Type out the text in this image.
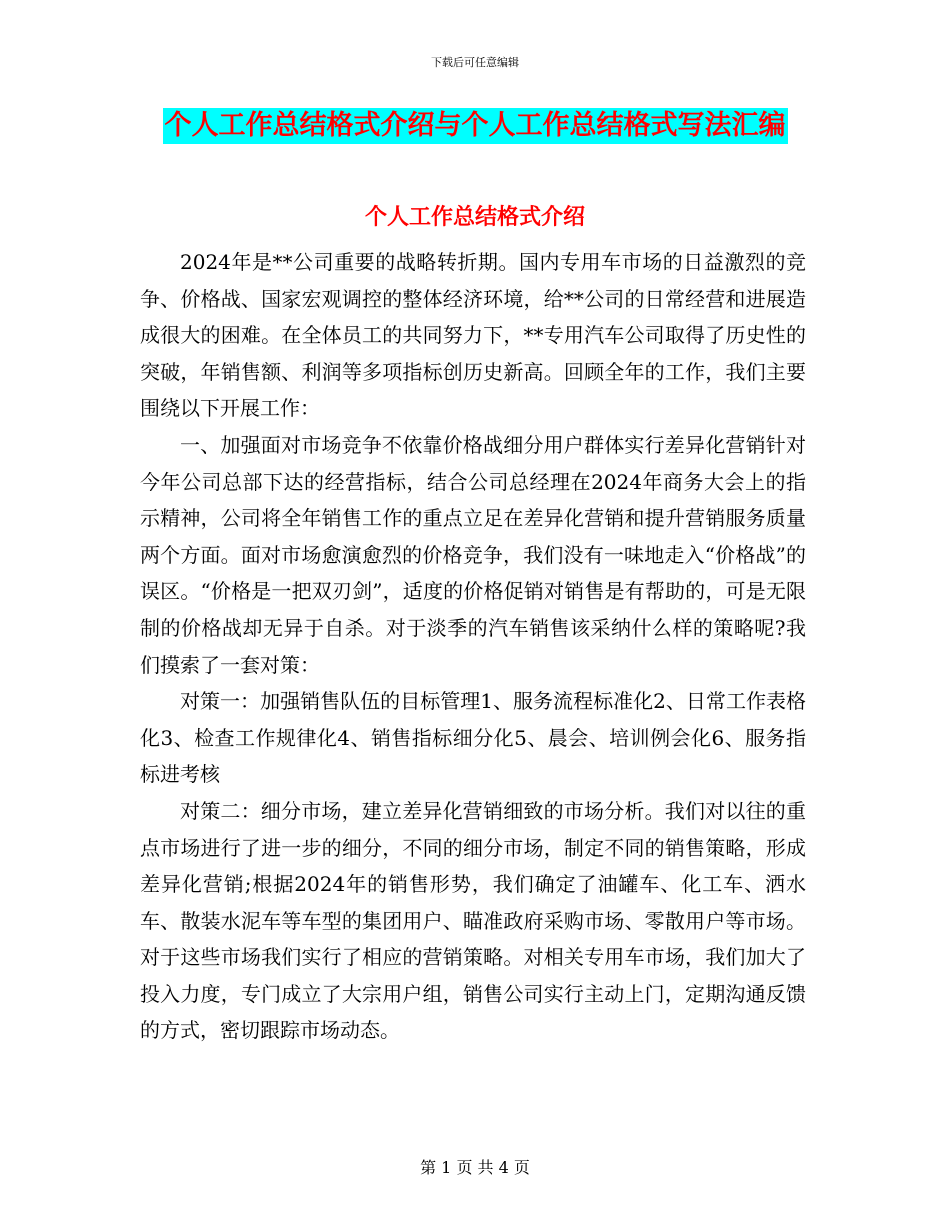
下载后可任意编辑
个人工作总结格式介绍与个人工作总结格式写法汇编
个人工作总结格式介绍

2024年是**公司重要的战略转折期。国内专用车市场的日益激烈的竞争、价格战、国家宏观调控的整体经济环境，给**公司的日常经营和进展造成很大的困难。在全体员工的共同努力下，**专用汽车公司取得了历史性的突破，年销售额、利润等多项指标创历史新高。回顾全年的工作，我们主要围绕以下开展工作：

一、加强面对市场竞争不依靠价格战细分用户群体实行差异化营销针对今年公司总部下达的经营指标，结合公司总经理在2024年商务大会上的指示精神，公司将全年销售工作的重点立足在差异化营销和提升营销服务质量两个方面。面对市场愈演愈烈的价格竞争，我们没有一味地走入“价格战”的误区。“价格是一把双刃剑”，适度的价格促销对销售是有帮助的，可是无限制的价格战却无异于自杀。对于淡季的汽车销售该采纳什么样的策略呢?我们摸索了一套对策：

对策一：加强销售队伍的目标管理1、服务流程标准化2、日常工作表格化3、检查工作规律化4、销售指标细分化5、晨会、培训例会化6、服务指标进考核

对策二：细分市场，建立差异化营销细致的市场分析。我们对以往的重点市场进行了进一步的细分，不同的细分市场，制定不同的销售策略，形成差异化营销;根据2024年的销售形势，我们确定了油罐车、化工车、洒水车、散装水泥车等车型的集团用户、瞄准政府采购市场、零散用户等市场。对于这些市场我们实行了相应的营销策略。对相关专用车市场，我们加大了投入力度，专门成立了大宗用户组，销售公司实行主动上门，定期沟通反馈的方式，密切跟踪市场动态。

第 1 页 共 4 页
